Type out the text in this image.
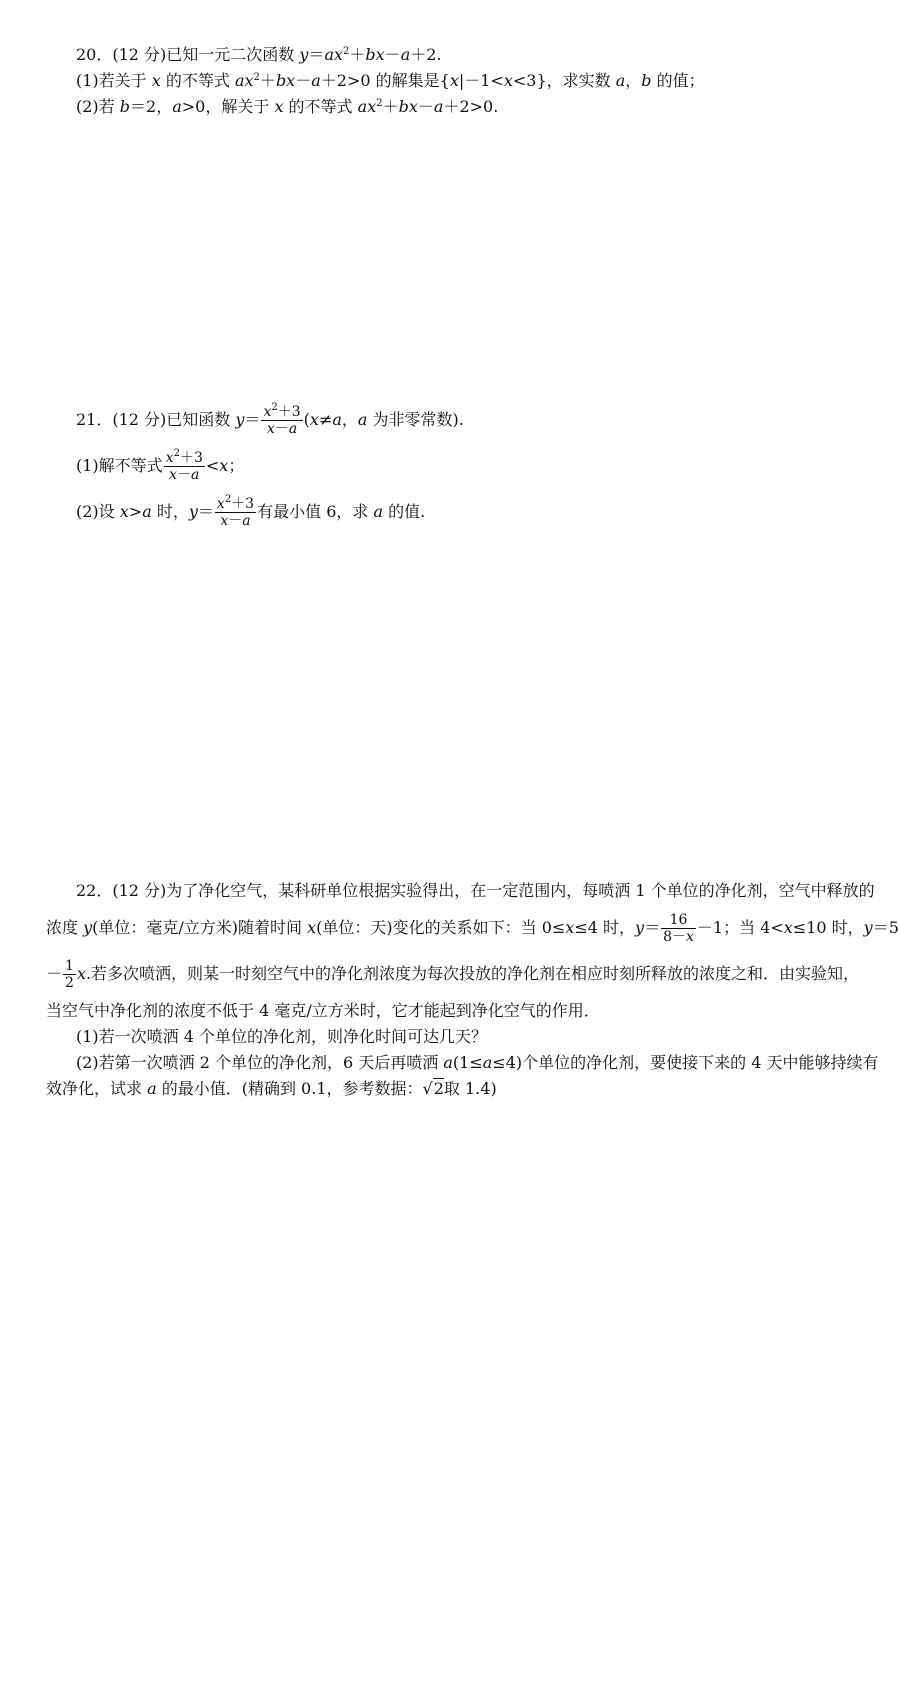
20．(12 分)已知一元二次函数 $y=ax^2+bx-a+2$.
(1)若关于 x 的不等式 $ax^2+bx-a+2>0$ 的解集是{x|－1<x<3}，求实数 a，b 的值；
(2)若 b＝2，a>0，解关于 x 的不等式 $ax^2+bx-a+2>0$.
21．(12 分)已知函数 $y= \frac{x^2+3}{x-a} (x\ne a$，a 为非零常数).
(1)解不等式 $\frac{x^2+3}{x-a} <x$；
(2)设 x>a 时，$y= \frac{x^2+3}{x-a}$ 有最小值 6，求 a 的值.
22．(12 分)为了净化空气，某科研单位根据实验得出，在一定范围内，每喷洒 1 个单位的净化剂，空气中释放的
浓度 y(单位：毫克/立方米)随着时间 x(单位：天)变化的关系如下：当 0≤x≤4 时，$y= \frac{16}{8-x} -1$；当 4<x≤10 时，y＝5
－ $\frac{1}{2} x$.若多次喷洒，则某一时刻空气中的净化剂浓度为每次投放的净化剂在相应时刻所释放的浓度之和．由实验知，
当空气中净化剂的浓度不低于 4 毫克/立方米时，它才能起到净化空气的作用．
(1)若一次喷洒 4 个单位的净化剂，则净化时间可达几天？
(2)若第一次喷洒 2 个单位的净化剂，6 天后再喷洒 a(1≤a≤4)个单位的净化剂，要使接下来的 4 天中能够持续有
效净化，试求 a 的最小值．(精确到 0.1，参考数据：√2取 1.4)
